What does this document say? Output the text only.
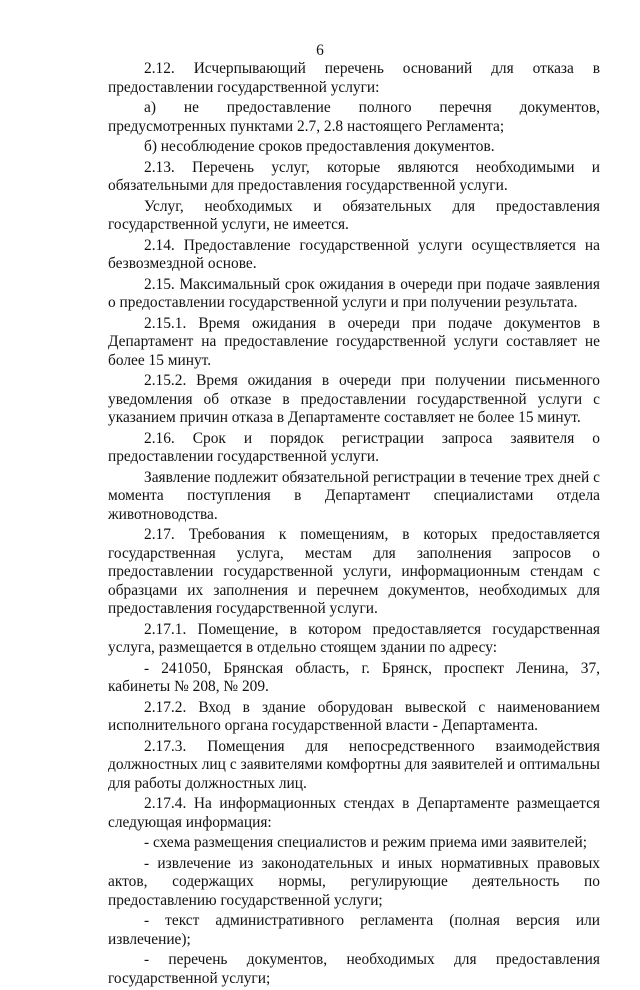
6

2.12. Исчерпывающий перечень оснований для отказа в предоставлении государственной услуги:

а) не предоставление полного перечня документов, предусмотренных пунктами 2.7, 2.8 настоящего Регламента;

б) несоблюдение сроков предоставления документов.

2.13. Перечень услуг, которые являются необходимыми и обязательными для предоставления государственной услуги.

Услуг, необходимых и обязательных для предоставления государственной услуги, не имеется.

2.14. Предоставление государственной услуги осуществляется на безвозмездной основе.

2.15. Максимальный срок ожидания в очереди при подаче заявления о предоставлении государственной услуги и при получении результата.

2.15.1. Время ожидания в очереди при подаче документов в Департамент на предоставление государственной услуги составляет не более 15 минут.

2.15.2. Время ожидания в очереди при получении письменного уведомления об отказе в предоставлении государственной услуги с указанием причин отказа в Департаменте составляет не более 15 минут.

2.16. Срок и порядок регистрации запроса заявителя о предоставлении государственной услуги.

Заявление подлежит обязательной регистрации в течение трех дней с момента поступления в Департамент специалистами отдела животноводства.

2.17. Требования к помещениям, в которых предоставляется государственная услуга, местам для заполнения запросов о предоставлении государственной услуги, информационным стендам с образцами их заполнения и перечнем документов, необходимых для предоставления государственной услуги.

2.17.1. Помещение, в котором предоставляется государственная услуга, размещается в отдельно стоящем здании по адресу:

- 241050, Брянская область, г. Брянск, проспект Ленина, 37, кабинеты № 208, № 209.

2.17.2. Вход в здание оборудован вывеской с наименованием исполнительного органа государственной власти - Департамента.

2.17.3. Помещения для непосредственного взаимодействия должностных лиц с заявителями комфортны для заявителей и оптимальны для работы должностных лиц.

2.17.4. На информационных стендах в Департаменте размещается следующая информация:

- схема размещения специалистов и режим приема ими заявителей;

- извлечение из законодательных и иных нормативных правовых актов, содержащих нормы, регулирующие деятельность по предоставлению государственной услуги;

- текст административного регламента (полная версия или извлечение);

- перечень документов, необходимых для предоставления государственной услуги;
